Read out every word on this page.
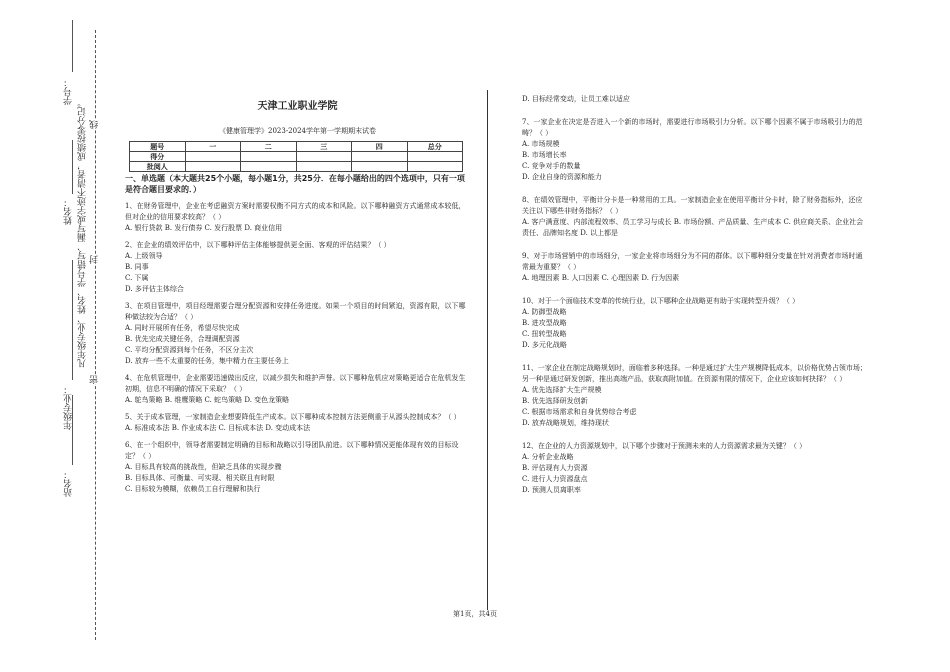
学号：
姓名：
年级专业：
站名：
凡年级专业、姓名、学号错写、漏写或字迹不清者，成绩按零分记。 线
封
密
天津工业职业学院
《健康管理学》2023-2024学年第一学期期末试卷
题号	一	二	三	四	总分
得分					
批阅人					
一、单选题（本大题共25个小题，每小题1分，共25分．在每小题给出的四个选项中，只有一项是符合题目要求的．）
1、在财务管理中，企业在考虑融资方案时需要权衡不同方式的成本和风险。以下哪种融资方式通常成本较低，但对企业的信用要求较高？（ ）
A. 银行贷款 B. 发行债券 C. 发行股票 D. 商业信用
2、在企业的绩效评估中，以下哪种评估主体能够提供更全面、客观的评估结果？（ ）
A. 上级领导
B. 同事
C. 下属
D. 多评估主体综合
3、在项目管理中，项目经理需要合理分配资源和安排任务进度。如果一个项目的时间紧迫，资源有限，以下哪种做法较为合适？（ ）
A. 同时开展所有任务，希望尽快完成
B. 优先完成关键任务，合理调配资源
C. 平均分配资源到每个任务，不区分主次
D. 放弃一些不太重要的任务，集中精力在主要任务上
4、在危机管理中，企业需要迅速做出反应，以减少损失和维护声誉。以下哪种危机应对策略更适合在危机发生初期，信息不明确的情况下采取？（ ）
A. 鸵鸟策略 B. 维鹰策略 C. 蛇鸟策略 D. 变色龙策略
5、关于成本管理，一家制造企业想要降低生产成本。以下哪种成本控制方法更侧重于从源头控制成本？（ ）
A. 标准成本法 B. 作业成本法 C. 目标成本法 D. 变动成本法
6、在一个组织中，领导者需要制定明确的目标和战略以引导团队前进。以下哪种情况更能体现有效的目标设定？（ ）
A. 目标具有较高的挑战性，但缺乏具体的实现步骤
B. 目标具体、可衡量、可实现、相关联且有时限
C. 目标较为模糊，依赖员工自行理解和执行
D. 目标经常变动，让员工难以适应
7、一家企业在决定是否进入一个新的市场时，需要进行市场吸引力分析。以下哪个因素不属于市场吸引力的范畴？（ ）
A. 市场规模
B. 市场增长率
C. 竞争对手的数量
D. 企业自身的资源和能力
8、在绩效管理中，平衡计分卡是一种常用的工具。一家制造企业在使用平衡计分卡时，除了财务指标外，还应关注以下哪些非财务指标？（ ）
A. 客户满意度、内部流程效率、员工学习与成长 B. 市场份额、产品质量、生产成本 C. 供应商关系、企业社会责任、品牌知名度 D. 以上都是
9、对于市场营销中的市场细分，一家企业将市场细分为不同的群体。以下哪种细分变量在针对消费者市场时通常最为重要？（ ）
A. 地理因素 B. 人口因素 C. 心理因素 D. 行为因素
10、对于一个面临技术变革的传统行业，以下哪种企业战略更有助于实现转型升级？（ ）
A. 防御型战略
B. 进攻型战略
C. 扭转型战略
D. 多元化战略
11、一家企业在制定战略规划时，面临着多种选择。一种是通过扩大生产规模降低成本，以价格优势占领市场；另一种是通过研发创新，推出高端产品，获取高附加值。在资源有限的情况下，企业应该如何抉择？（ ）
A. 优先选择扩大生产规模
B. 优先选择研发创新
C. 根据市场需求和自身优势综合考虑
D. 放弃战略规划，维持现状
12、在企业的人力资源规划中，以下哪个步骤对于预测未来的人力资源需求最为关键？（ ）
A. 分析企业战略
B. 评估现有人力资源
C. 进行人力资源盘点
D. 预测人员离职率
第1页，共4页
